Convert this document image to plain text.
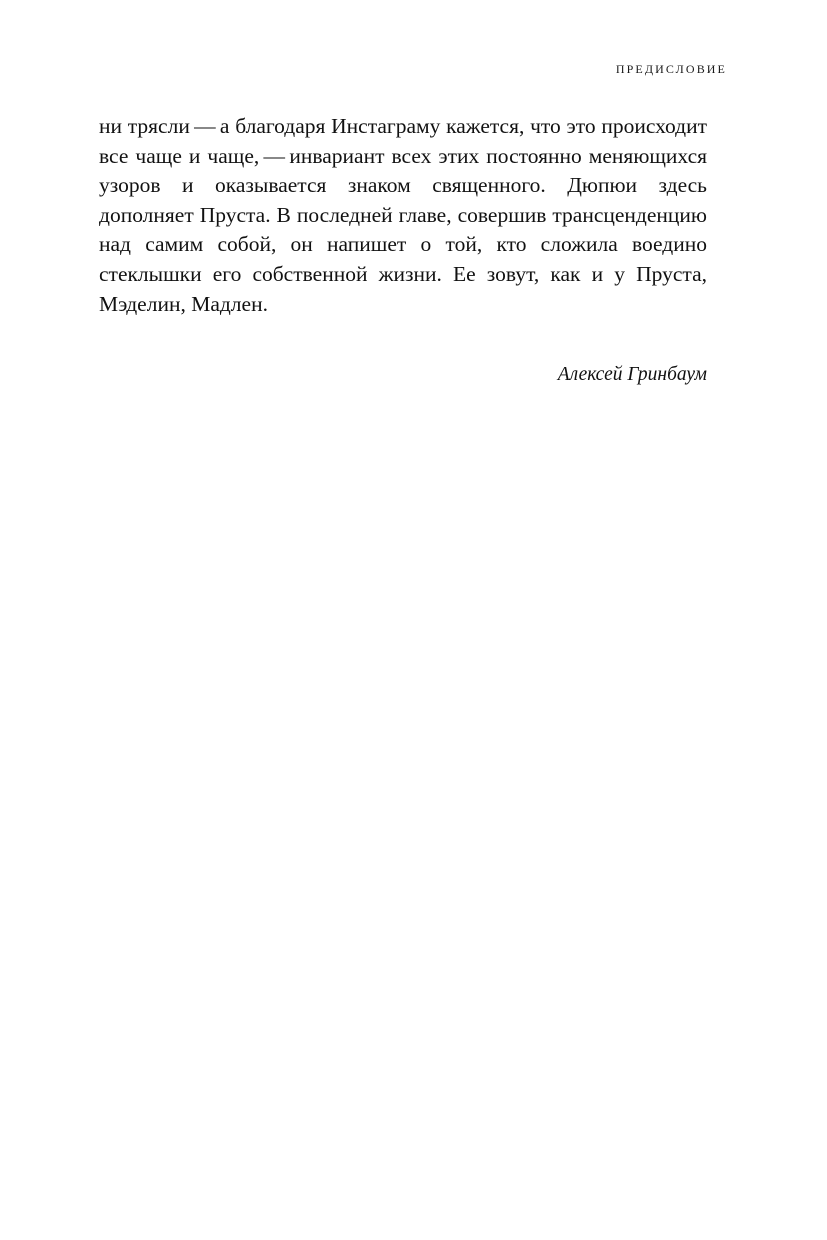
ПРЕДИСЛОВИЕ

ни трясли — а благодаря Инстаграму кажется, что это происходит все чаще и чаще, — инвариант всех этих постоянно меняющихся узоров и оказывается знаком священного. Дюпюи здесь дополняет Пруста. В последней главе, совершив трансценденцию над самим собой, он напишет о той, кто сложила воедино стеклышки его собственной жизни. Ее зовут, как и у Пруста, Мэделин, Мадлен.

Алексей Гринбаум
